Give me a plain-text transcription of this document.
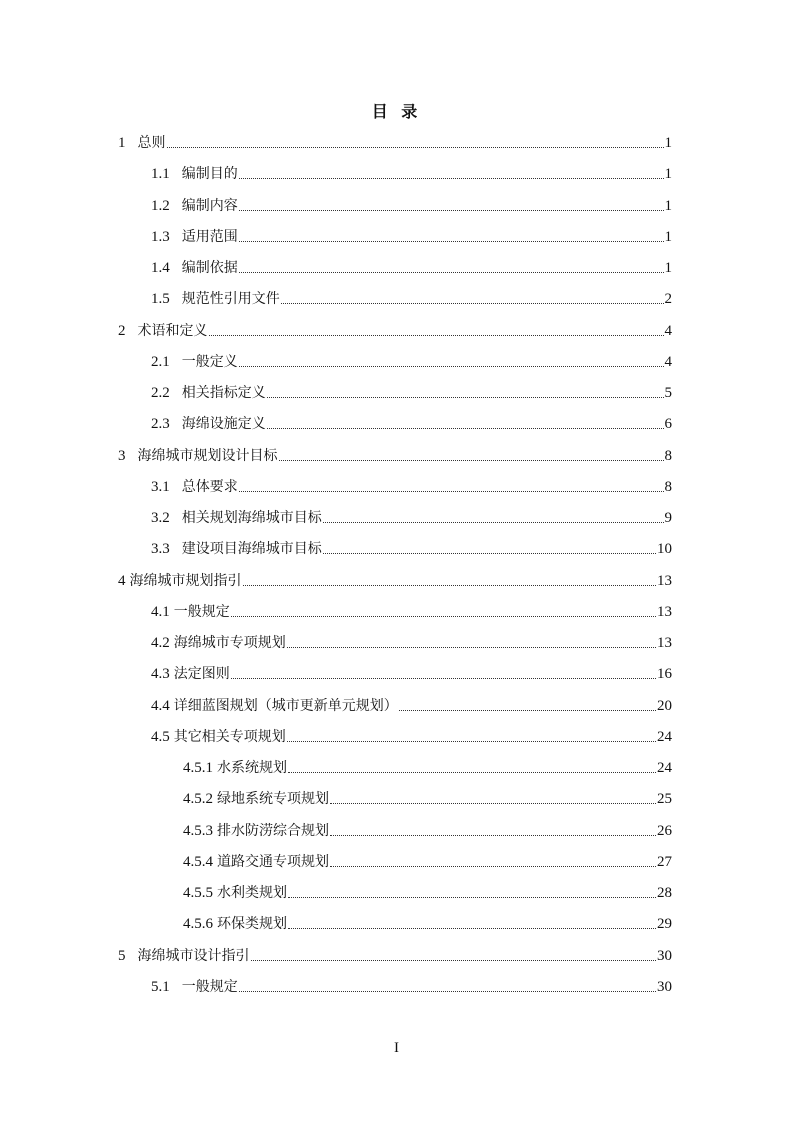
目 录
1 总则	1
1.1 编制目的	1
1.2 编制内容	1
1.3 适用范围	1
1.4 编制依据	1
1.5 规范性引用文件	2
2 术语和定义	4
2.1 一般定义	4
2.2 相关指标定义	5
2.3 海绵设施定义	6
3 海绵城市规划设计目标	8
3.1 总体要求	8
3.2 相关规划海绵城市目标	9
3.3 建设项目海绵城市目标	10
4 海绵城市规划指引	13
4.1 一般规定	13
4.2 海绵城市专项规划	13
4.3 法定图则	16
4.4 详细蓝图规划（城市更新单元规划）	20
4.5 其它相关专项规划	24
4.5.1 水系统规划	24
4.5.2 绿地系统专项规划	25
4.5.3 排水防涝综合规划	26
4.5.4 道路交通专项规划	27
4.5.5 水利类规划	28
4.5.6 环保类规划	29
5 海绵城市设计指引	30
5.1 一般规定	30
I
